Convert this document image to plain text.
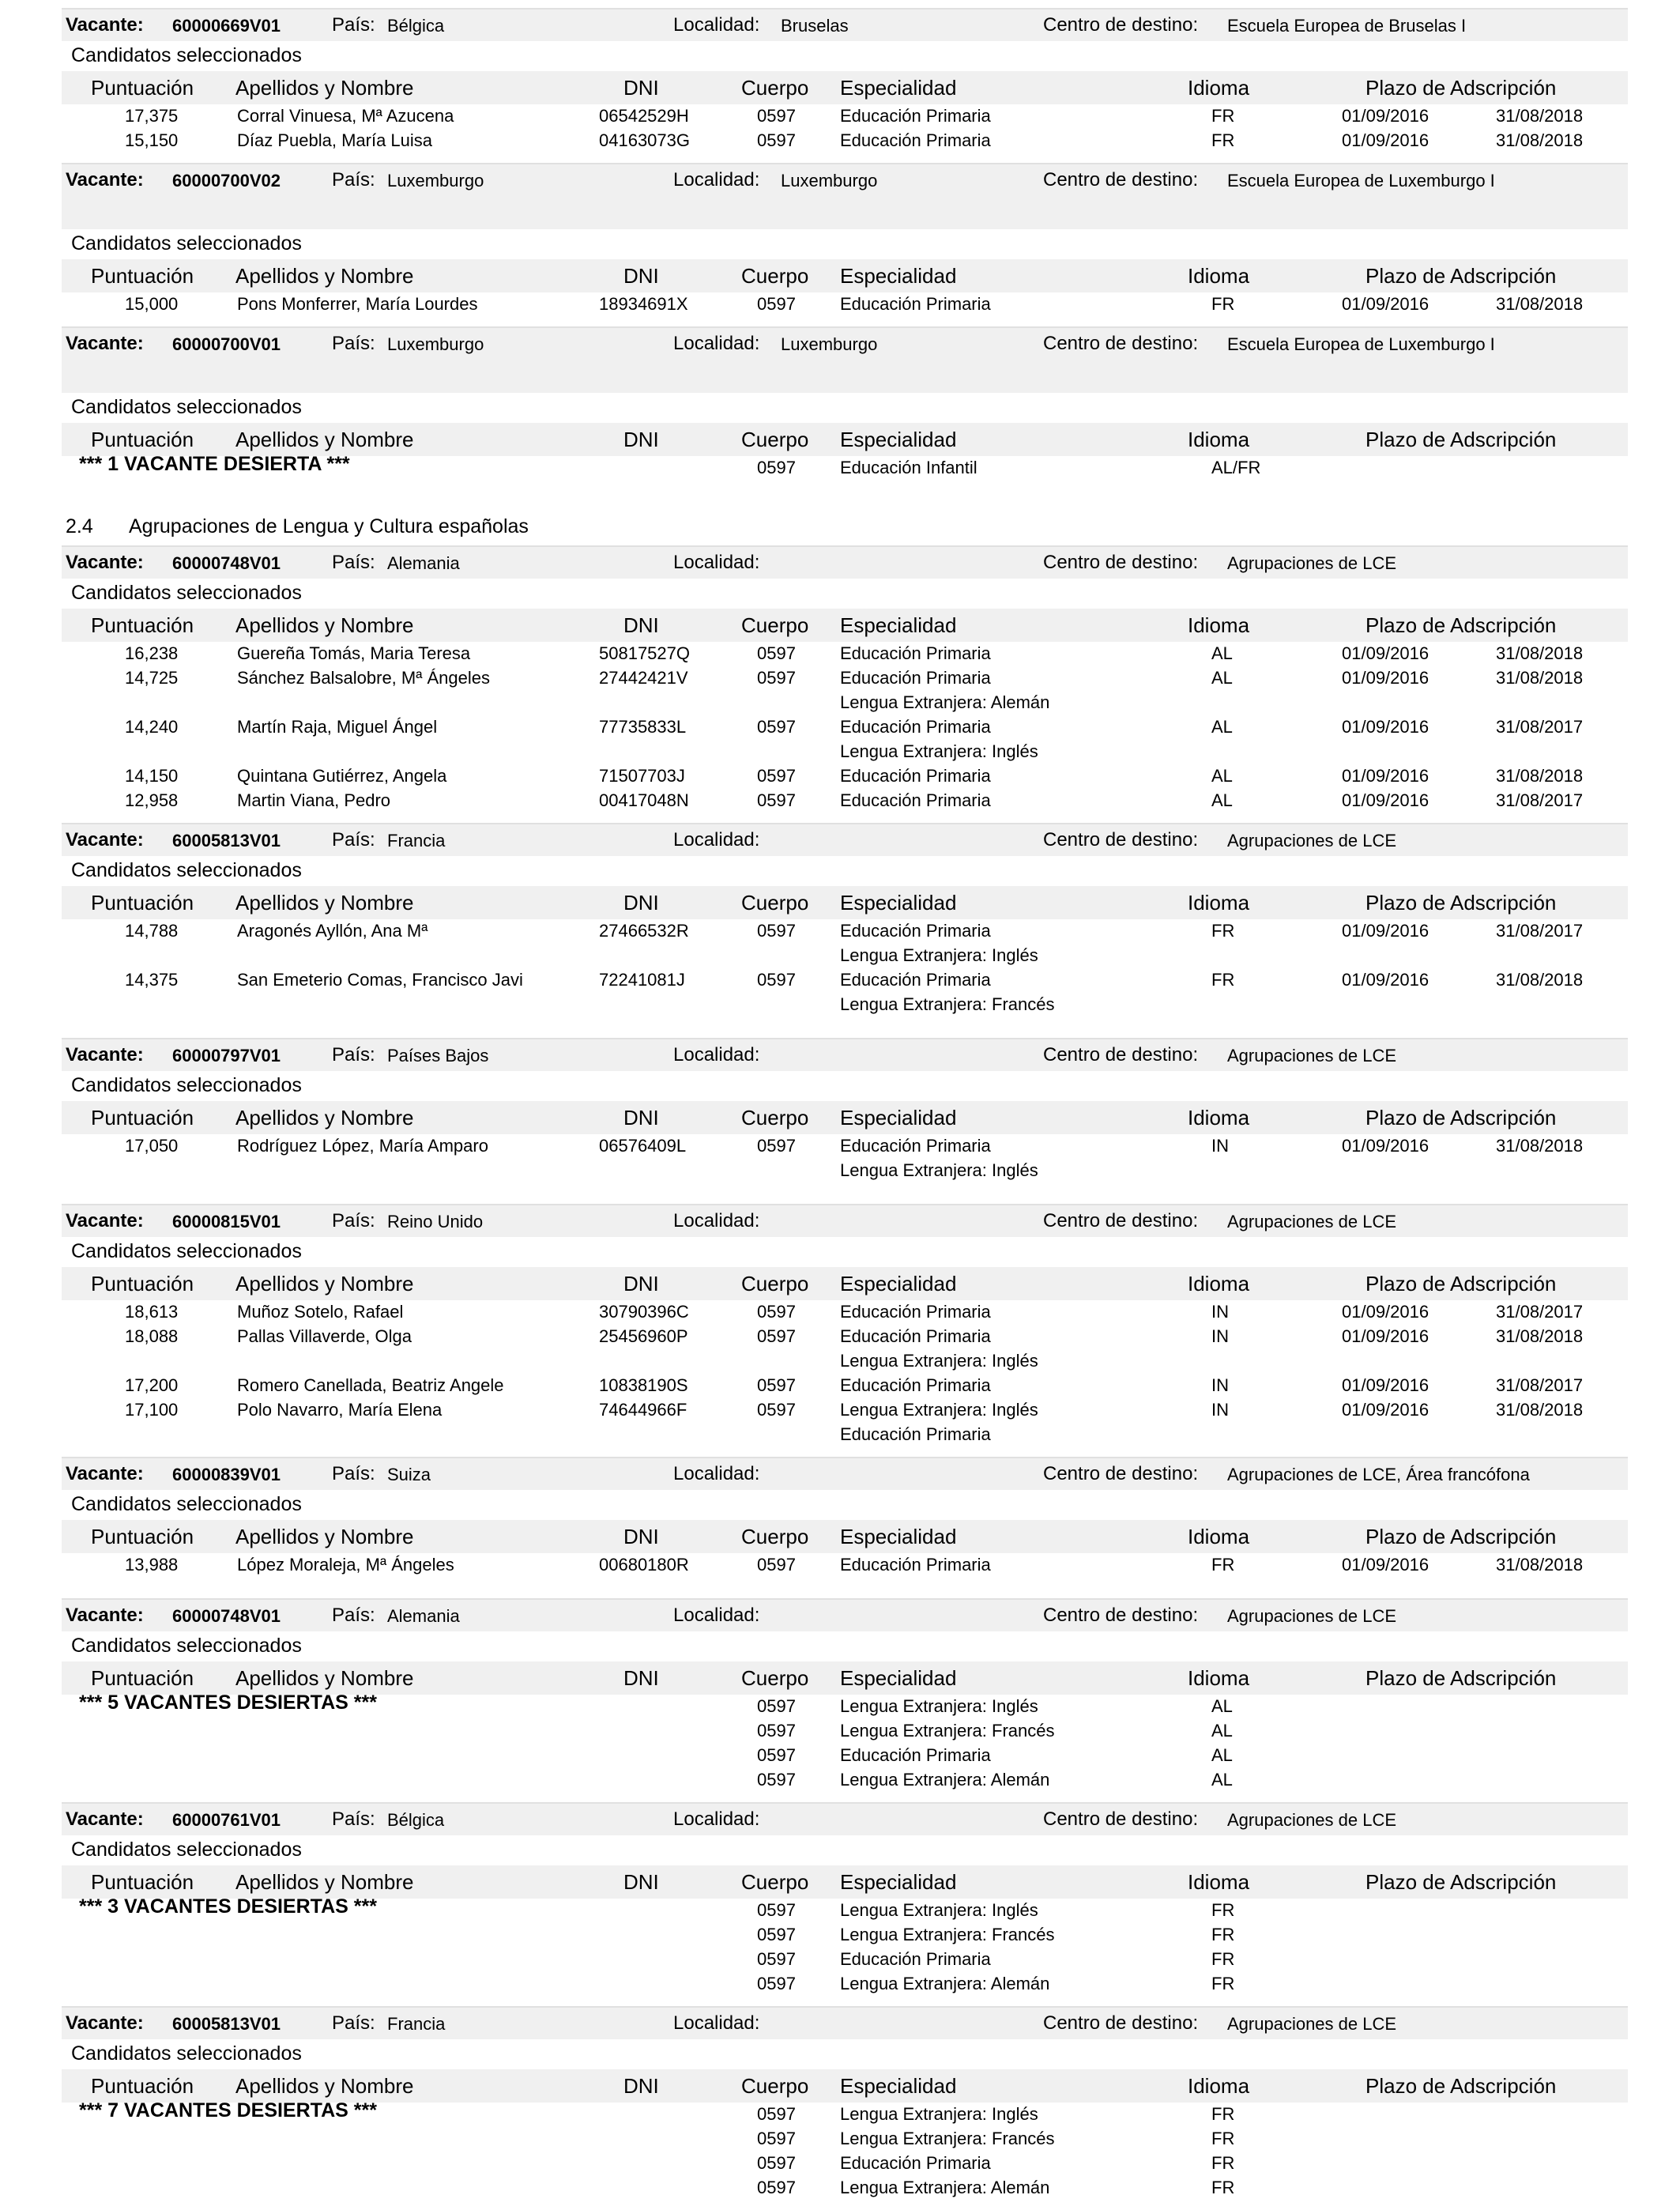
Vacante: 60000669V01	País: Bélgica	Localidad: Bruselas	Centro de destino: Escuela Europea de Bruselas I
Candidatos seleccionados
Puntuación Apellidos y Nombre	DNI	Cuerpo Especialidad	Idioma	Plazo de Adscripción
17,375	Corral Vinuesa, Mª Azucena	06542529H	0597	Educación Primaria	FR	01/09/2016	31/08/2018
15,150	Díaz Puebla, María Luisa	04163073G	0597	Educación Primaria	FR	01/09/2016	31/08/2018
Vacante: 60000700V02	País: Luxemburgo	Localidad: Luxemburgo	Centro de destino: Escuela Europea de Luxemburgo I
Candidatos seleccionados
Puntuación Apellidos y Nombre	DNI	Cuerpo Especialidad	Idioma	Plazo de Adscripción
15,000	Pons Monferrer, María Lourdes	18934691X	0597	Educación Primaria	FR	01/09/2016	31/08/2018
Vacante: 60000700V01	País: Luxemburgo	Localidad: Luxemburgo	Centro de destino: Escuela Europea de Luxemburgo I
Candidatos seleccionados
Puntuación Apellidos y Nombre	DNI	Cuerpo Especialidad	Idioma	Plazo de Adscripción
*** 1 VACANTE DESIERTA ***	0597	Educación Infantil	AL/FR
2.4 Agrupaciones de Lengua y Cultura españolas
Vacante: 60000748V01	País: Alemania	Localidad:	Centro de destino: Agrupaciones de LCE
Candidatos seleccionados
Puntuación Apellidos y Nombre	DNI	Cuerpo Especialidad	Idioma	Plazo de Adscripción
16,238	Guereña Tomás, Maria Teresa	50817527Q	0597	Educación Primaria	AL	01/09/2016	31/08/2018
14,725	Sánchez Balsalobre, Mª Ángeles	27442421V	0597	Educación Primaria	AL	01/09/2016	31/08/2018
Lengua Extranjera: Alemán
14,240	Martín Raja, Miguel Ángel	77735833L	0597	Educación Primaria	AL	01/09/2016	31/08/2017
Lengua Extranjera: Inglés
14,150	Quintana Gutiérrez, Angela	71507703J	0597	Educación Primaria	AL	01/09/2016	31/08/2018
12,958	Martin Viana, Pedro	00417048N	0597	Educación Primaria	AL	01/09/2016	31/08/2017
Vacante: 60005813V01	País: Francia	Localidad:	Centro de destino: Agrupaciones de LCE
Candidatos seleccionados
Puntuación Apellidos y Nombre	DNI	Cuerpo Especialidad	Idioma	Plazo de Adscripción
14,788	Aragonés Ayllón, Ana Mª	27466532R	0597	Educación Primaria	FR	01/09/2016	31/08/2017
Lengua Extranjera: Inglés
14,375	San Emeterio Comas, Francisco Javi	72241081J	0597	Educación Primaria	FR	01/09/2016	31/08/2018
Lengua Extranjera: Francés
Vacante: 60000797V01	País: Países Bajos	Localidad:	Centro de destino: Agrupaciones de LCE
Candidatos seleccionados
Puntuación Apellidos y Nombre	DNI	Cuerpo Especialidad	Idioma	Plazo de Adscripción
17,050	Rodríguez López, María Amparo	06576409L	0597	Educación Primaria	IN	01/09/2016	31/08/2018
Lengua Extranjera: Inglés
Vacante: 60000815V01	País: Reino Unido	Localidad:	Centro de destino: Agrupaciones de LCE
Candidatos seleccionados
Puntuación Apellidos y Nombre	DNI	Cuerpo Especialidad	Idioma	Plazo de Adscripción
18,613	Muñoz Sotelo, Rafael	30790396C	0597	Educación Primaria	IN	01/09/2016	31/08/2017
18,088	Pallas Villaverde, Olga	25456960P	0597	Educación Primaria	IN	01/09/2016	31/08/2018
Lengua Extranjera: Inglés
17,200	Romero Canellada, Beatriz Angele	10838190S	0597	Educación Primaria	IN	01/09/2016	31/08/2017
17,100	Polo Navarro, María Elena	74644966F	0597	Lengua Extranjera: Inglés	IN	01/09/2016	31/08/2018
Educación Primaria
Vacante: 60000839V01	País: Suiza	Localidad:	Centro de destino: Agrupaciones de LCE, Área francófona
Candidatos seleccionados
Puntuación Apellidos y Nombre	DNI	Cuerpo Especialidad	Idioma	Plazo de Adscripción
13,988	López Moraleja, Mª Ángeles	00680180R	0597	Educación Primaria	FR	01/09/2016	31/08/2018
Vacante: 60000748V01	País: Alemania	Localidad:	Centro de destino: Agrupaciones de LCE
Candidatos seleccionados
Puntuación Apellidos y Nombre	DNI	Cuerpo Especialidad	Idioma	Plazo de Adscripción
*** 5 VACANTES DESIERTAS ***	0597	Lengua Extranjera: Inglés	AL
0597	Lengua Extranjera: Francés	AL
0597	Educación Primaria	AL
0597	Lengua Extranjera: Alemán	AL
Vacante: 60000761V01	País: Bélgica	Localidad:	Centro de destino: Agrupaciones de LCE
Candidatos seleccionados
Puntuación Apellidos y Nombre	DNI	Cuerpo Especialidad	Idioma	Plazo de Adscripción
*** 3 VACANTES DESIERTAS ***	0597	Lengua Extranjera: Inglés	FR
0597	Lengua Extranjera: Francés	FR
0597	Educación Primaria	FR
0597	Lengua Extranjera: Alemán	FR
Vacante: 60005813V01	País: Francia	Localidad:	Centro de destino: Agrupaciones de LCE
Candidatos seleccionados
Puntuación Apellidos y Nombre	DNI	Cuerpo Especialidad	Idioma	Plazo de Adscripción
*** 7 VACANTES DESIERTAS ***	0597	Lengua Extranjera: Inglés	FR
0597	Lengua Extranjera: Francés	FR
0597	Educación Primaria	FR
0597	Lengua Extranjera: Alemán	FR
